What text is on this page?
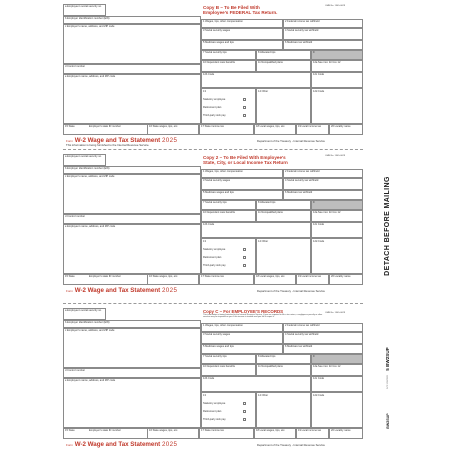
a Employee's social security no.
b Employer identification number (EIN)
c Employer's name, address, and ZIP code
d Control number
e Employee's name, address, and ZIP code
Copy B – To Be Filed With
Employee's FEDERAL Tax Return.
OMB No. 1545-0029
1 Wages, tips, other compensation	2 Federal income tax withheld
3 Social security wages	4 Social security tax withheld
5 Medicare wages and tips	6 Medicare tax withheld
7 Social security tips	8 Allocated tips	9
10 Dependent care benefits	11 Nonqualified plans	12a See inst. for box 12
12b Code	12c Code
13
Statutory employee
Retirement plan
Third-party sick pay
14 Other	12d Code
15 State	Employer's state ID number	16 State wages, tips, etc.	17 State income tax	18 Local wages, tips, etc.	19 Local income tax	20 Locality name
Form W-2 Wage and Tax Statement 2025
This information is being furnished to the Internal Revenue Service.
Department of the Treasury - Internal Revenue Service
a Employee's social security no.
b Employer identification number (EIN)
c Employer's name, address, and ZIP code
d Control number
e Employee's name, address, and ZIP code
Copy 2 – To Be Filed With Employee's
State, City, or Local Income Tax Return
OMB No. 1545-0029
1 Wages, tips, other compensation	2 Federal income tax withheld
3 Social security wages	4 Social security tax withheld
5 Medicare wages and tips	6 Medicare tax withheld
7 Social security tips	8 Allocated tips	9
10 Dependent care benefits	11 Nonqualified plans	12a See inst. for box 12
12b Code	12c Code
13
Statutory employee
Retirement plan
Third-party sick pay
14 Other	12d Code
15 State	Employer's state ID number	16 State wages, tips, etc.	17 State income tax	18 Local wages, tips, etc.	19 Local income tax	20 Locality name
Form W-2 Wage and Tax Statement 2025	Department of the Treasury - Internal Revenue Service
a Employee's social security no.
b Employer identification number (EIN)
c Employer's name, address, and ZIP code
d Control number
e Employee's name, address, and ZIP code
Copy C – For EMPLOYEE'S RECORDS
This information is being furnished to the Internal Revenue Service. If you are required to file a tax return, a negligence penalty or other sanction may be imposed on you if this income is taxable and you fail to report it.
OMB No. 1545-0029
1 Wages, tips, other compensation	2 Federal income tax withheld
3 Social security wages	4 Social security tax withheld
5 Medicare wages and tips	6 Medicare tax withheld
7 Social security tips	8 Allocated tips	9
10 Dependent care benefits	11 Nonqualified plans	12a See inst. for box 12
12b Code	12c Code
13
Statutory employee
Retirement plan
Third-party sick pay
14 Other	12d Code
15 State	Employer's state ID number	16 State wages, tips, etc.	17 State income tax	18 Local wages, tips, etc.	19 Local income tax	20 Locality name
Form W-2 Wage and Tax Statement 2025	Department of the Treasury - Internal Revenue Service
DETACH BEFORE MAILING
5 BW2SUP
NTF 2097383
BW2SUP
